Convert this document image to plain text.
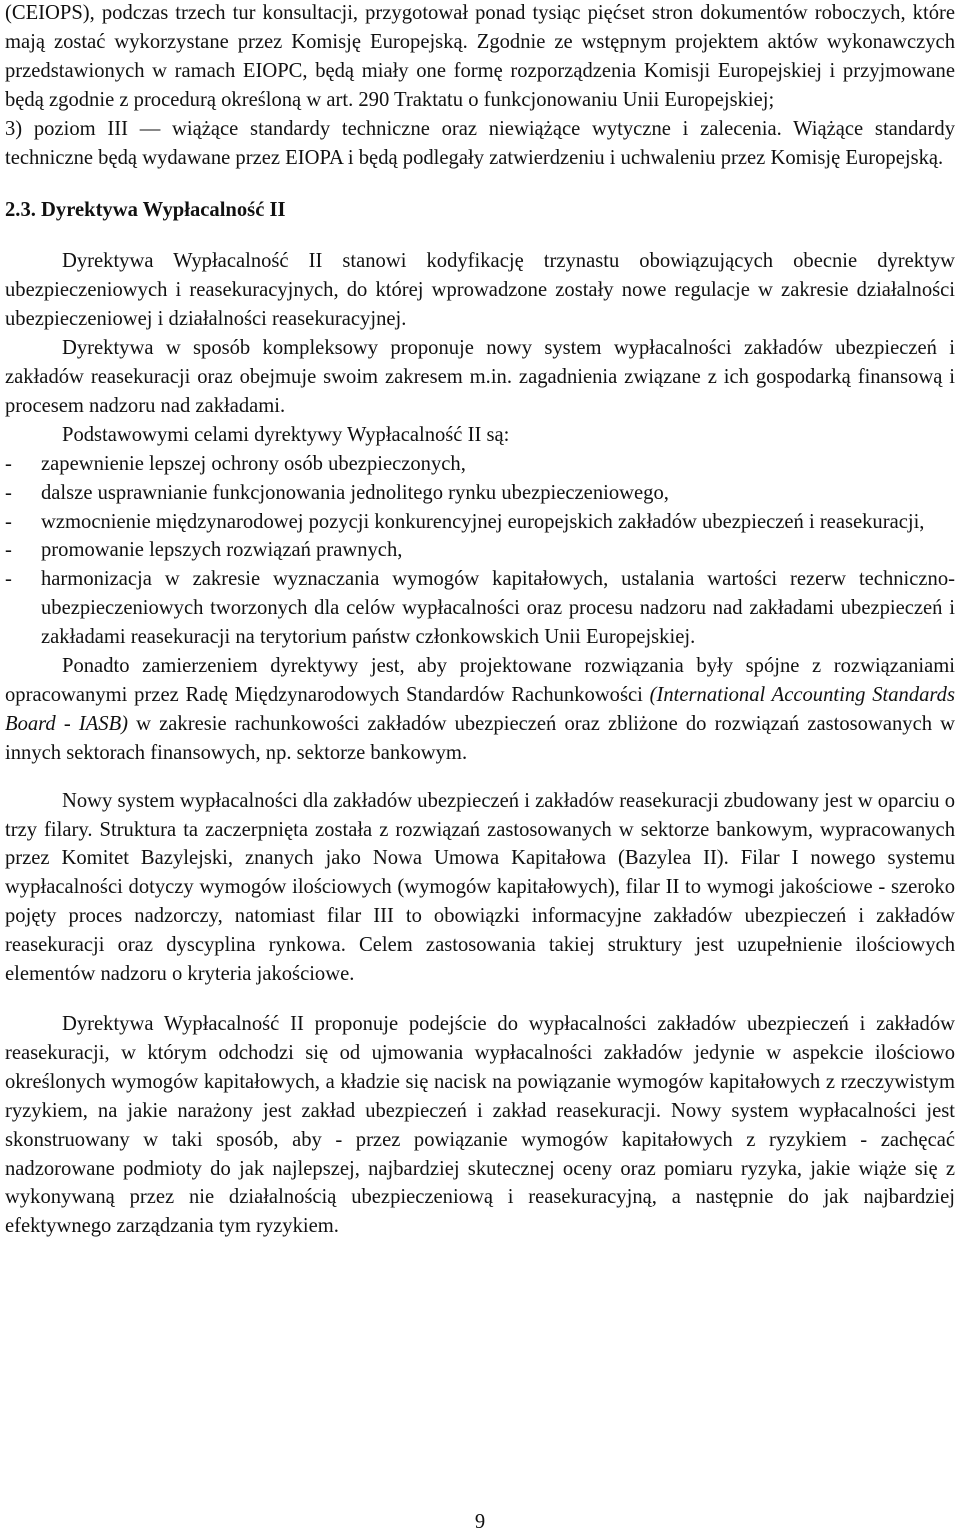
(CEIOPS), podczas trzech tur konsultacji, przygotował ponad tysiąc pięćset stron dokumentów roboczych, które mają zostać wykorzystane przez Komisję Europejską. Zgodnie ze wstępnym projektem aktów wykonawczych przedstawionych w ramach EIOPC, będą miały one formę rozporządzenia Komisji Europejskiej i przyjmowane będą zgodnie z procedurą określoną w art. 290 Traktatu o funkcjonowaniu Unii Europejskiej;

3) poziom III — wiążące standardy techniczne oraz niewiążące wytyczne i zalecenia. Wiążące standardy techniczne będą wydawane przez EIOPA i będą podlegały zatwierdzeniu i uchwaleniu przez Komisję Europejską.

2.3. Dyrektywa Wypłacalność II

Dyrektywa Wypłacalność II stanowi kodyfikację trzynastu obowiązujących obecnie dyrektyw ubezpieczeniowych i reasekuracyjnych, do której wprowadzone zostały nowe regulacje w zakresie działalności ubezpieczeniowej i działalności reasekuracyjnej.

Dyrektywa w sposób kompleksowy proponuje nowy system wypłacalności zakładów ubezpieczeń i zakładów reasekuracji oraz obejmuje swoim zakresem m.in. zagadnienia związane z ich gospodarką finansową i procesem nadzoru nad zakładami.

Podstawowymi celami dyrektywy Wypłacalność II są:

- zapewnienie lepszej ochrony osób ubezpieczonych,
- dalsze usprawnianie funkcjonowania jednolitego rynku ubezpieczeniowego,
- wzmocnienie międzynarodowej pozycji konkurencyjnej europejskich zakładów ubezpieczeń i reasekuracji,
- promowanie lepszych rozwiązań prawnych,
- harmonizacja w zakresie wyznaczania wymogów kapitałowych, ustalania wartości rezerw techniczno-ubezpieczeniowych tworzonych dla celów wypłacalności oraz procesu nadzoru nad zakładami ubezpieczeń i zakładami reasekuracji na terytorium państw członkowskich Unii Europejskiej.

Ponadto zamierzeniem dyrektywy jest, aby projektowane rozwiązania były spójne z rozwiązaniami opracowanymi przez Radę Międzynarodowych Standardów Rachunkowości (International Accounting Standards Board - IASB) w zakresie rachunkowości zakładów ubezpieczeń oraz zbliżone do rozwiązań zastosowanych w innych sektorach finansowych, np. sektorze bankowym.

Nowy system wypłacalności dla zakładów ubezpieczeń i zakładów reasekuracji zbudowany jest w oparciu o trzy filary. Struktura ta zaczerpnięta została z rozwiązań zastosowanych w sektorze bankowym, wypracowanych przez Komitet Bazylejski, znanych jako Nowa Umowa Kapitałowa (Bazylea II). Filar I nowego systemu wypłacalności dotyczy wymogów ilościowych (wymogów kapitałowych), filar II to wymogi jakościowe - szeroko pojęty proces nadzorczy, natomiast filar III to obowiązki informacyjne zakładów ubezpieczeń i zakładów reasekuracji oraz dyscyplina rynkowa. Celem zastosowania takiej struktury jest uzupełnienie ilościowych elementów nadzoru o kryteria jakościowe.

Dyrektywa Wypłacalność II proponuje podejście do wypłacalności zakładów ubezpieczeń i zakładów reasekuracji, w którym odchodzi się od ujmowania wypłacalności zakładów jedynie w aspekcie ilościowo określonych wymogów kapitałowych, a kładzie się nacisk na powiązanie wymogów kapitałowych z rzeczywistym ryzykiem, na jakie narażony jest zakład ubezpieczeń i zakład reasekuracji. Nowy system wypłacalności jest skonstruowany w taki sposób, aby - przez powiązanie wymogów kapitałowych z ryzykiem - zachęcać nadzorowane podmioty do jak najlepszej, najbardziej skutecznej oceny oraz pomiaru ryzyka, jakie wiąże się z wykonywaną przez nie działalnością ubezpieczeniową i reasekuracyjną, a następnie do jak najbardziej efektywnego zarządzania tym ryzykiem.

9
